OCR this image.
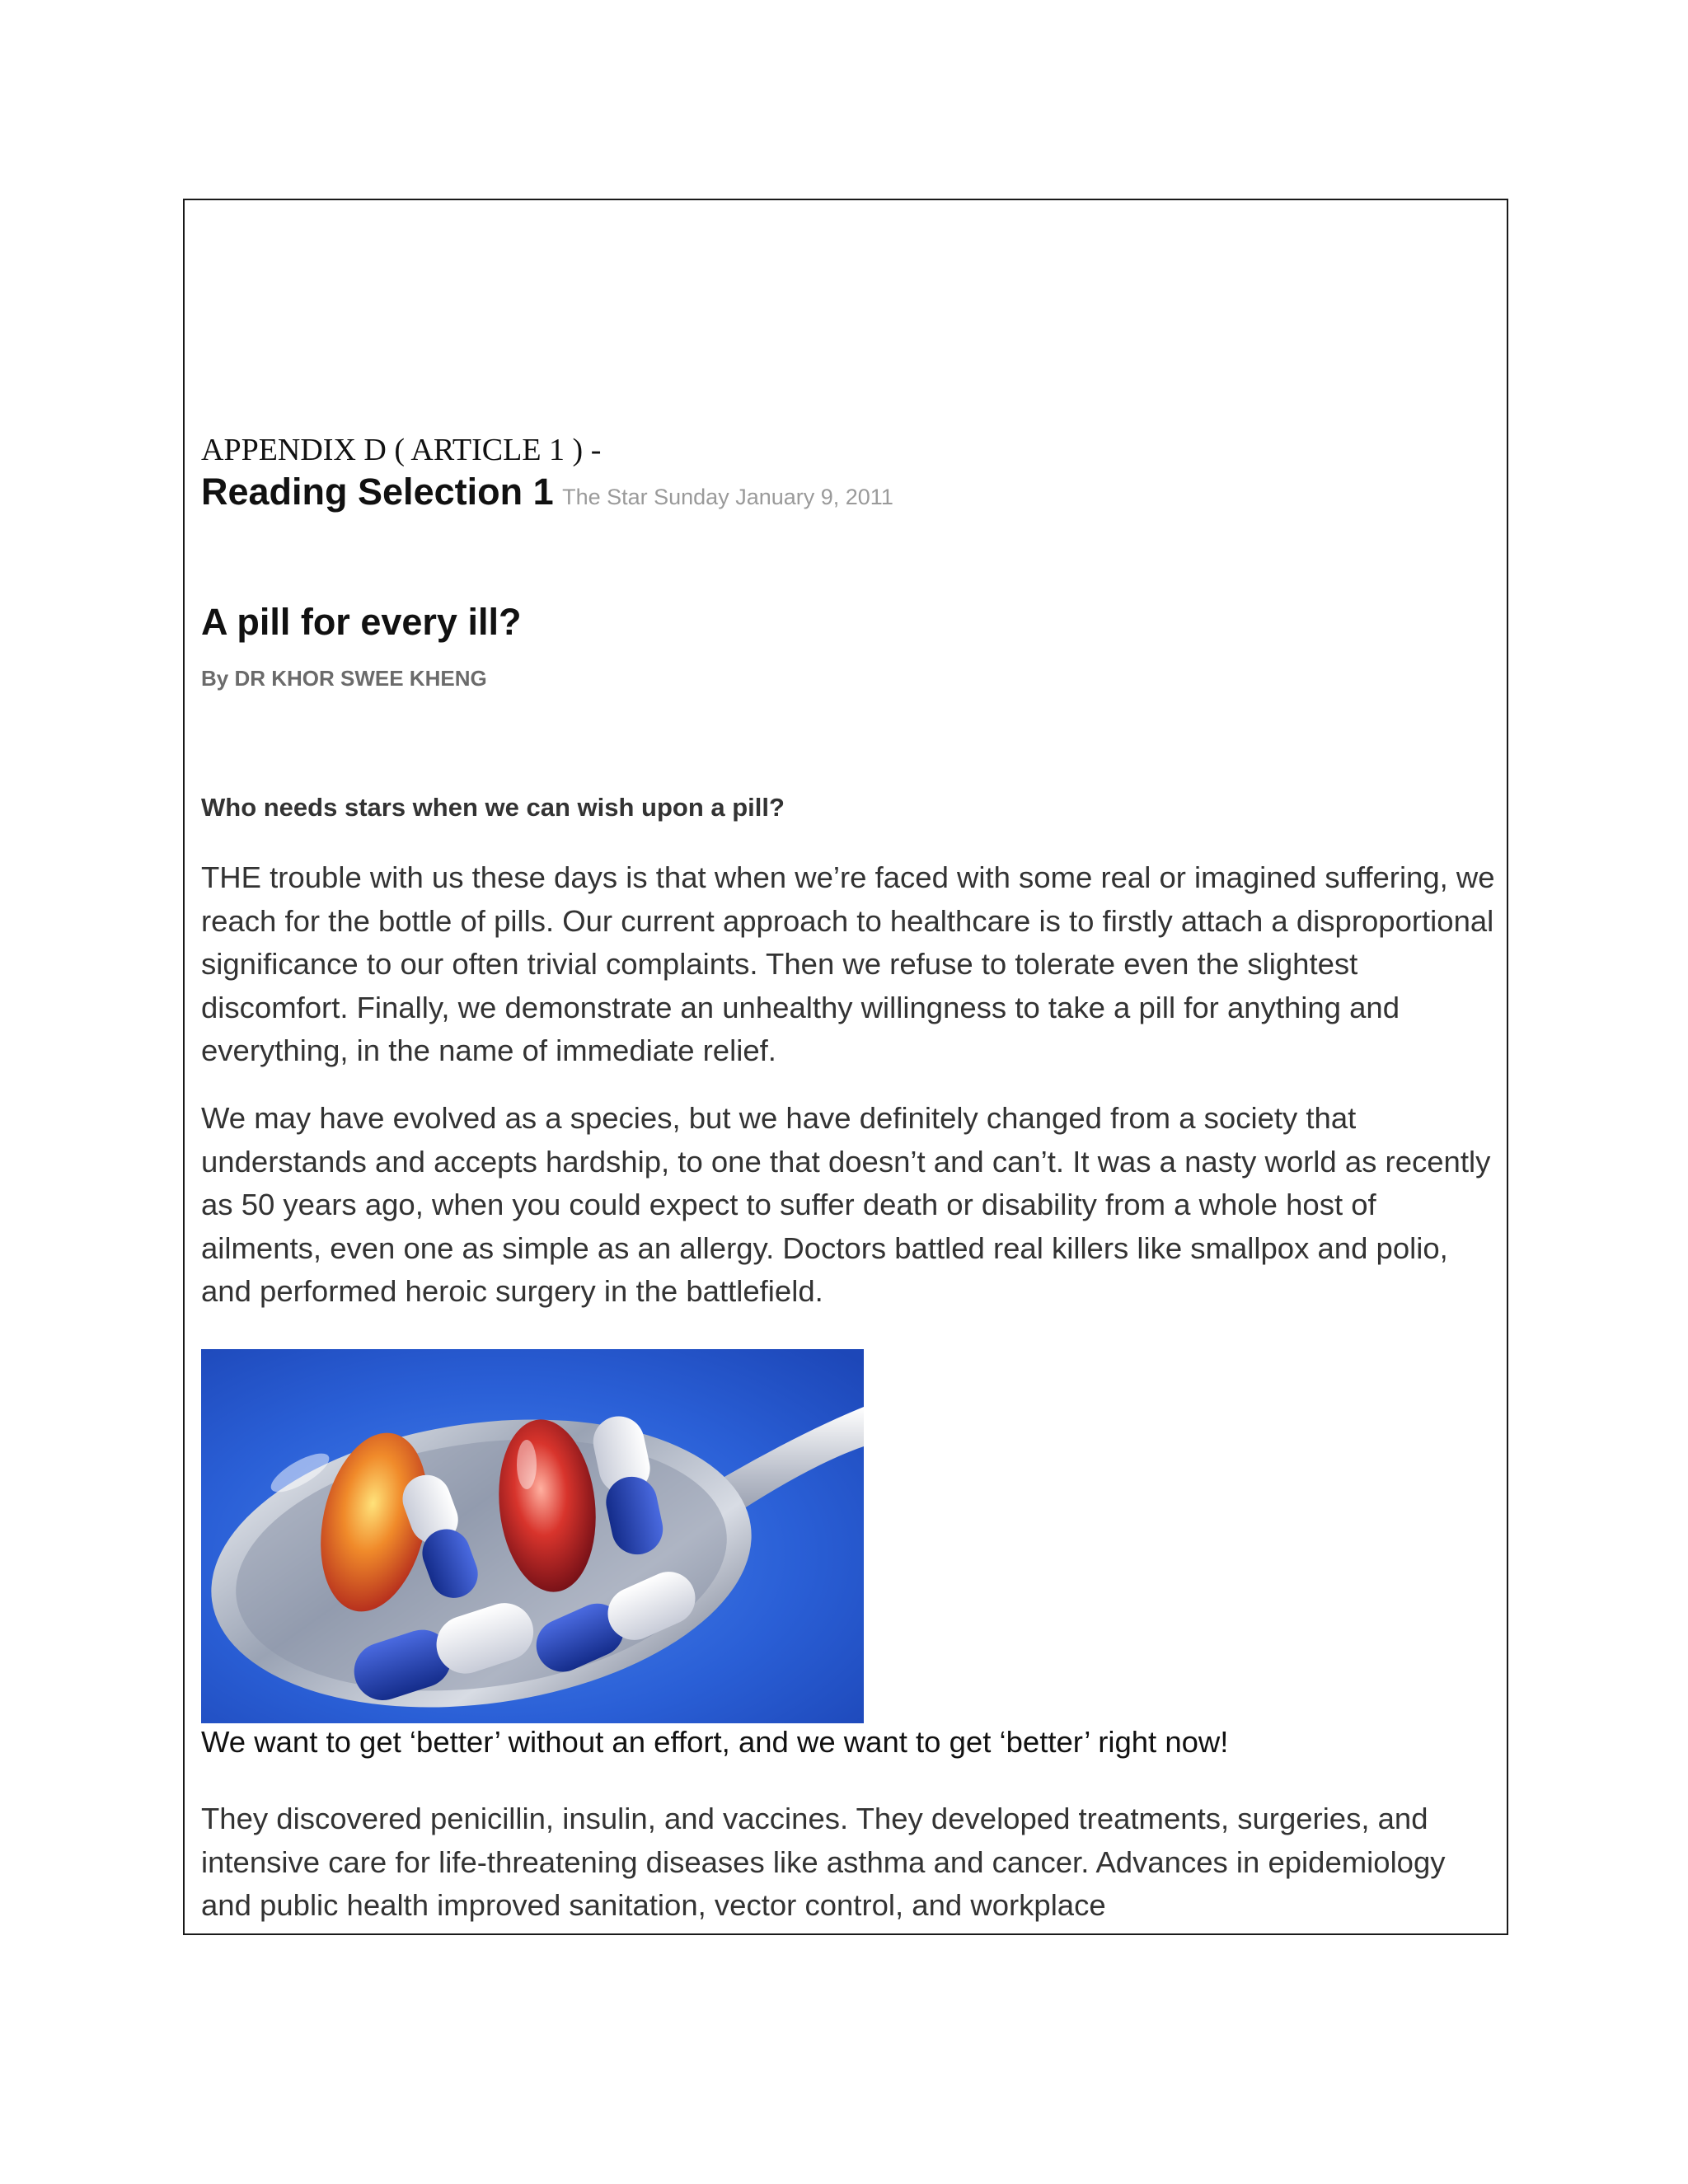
APPENDIX D ( ARTICLE 1 ) -
Reading Selection 1 The Star Sunday January 9, 2011
A pill for every ill?
By DR KHOR SWEE KHENG
Who needs stars when we can wish upon a pill?

THE trouble with us these days is that when we’re faced with some real or imagined suffering, we reach for the bottle of pills. Our current approach to healthcare is to firstly attach a disproportional significance to our often trivial complaints. Then we refuse to tolerate even the slightest discomfort. Finally, we demonstrate an unhealthy willingness to take a pill for anything and everything, in the name of immediate relief.

We may have evolved as a species, but we have definitely changed from a society that understands and accepts hardship, to one that doesn’t and can’t. It was a nasty world as recently as 50 years ago, when you could expect to suffer death or disability from a whole host of ailments, even one as simple as an allergy. Doctors battled real killers like smallpox and polio, and performed heroic surgery in the battlefield.

We want to get ‘better’ without an effort, and we want to get ‘better’ right now!

They discovered penicillin, insulin, and vaccines. They developed treatments, surgeries, and intensive care for life-threatening diseases like asthma and cancer. Advances in epidemiology and public health improved sanitation, vector control, and workplace
